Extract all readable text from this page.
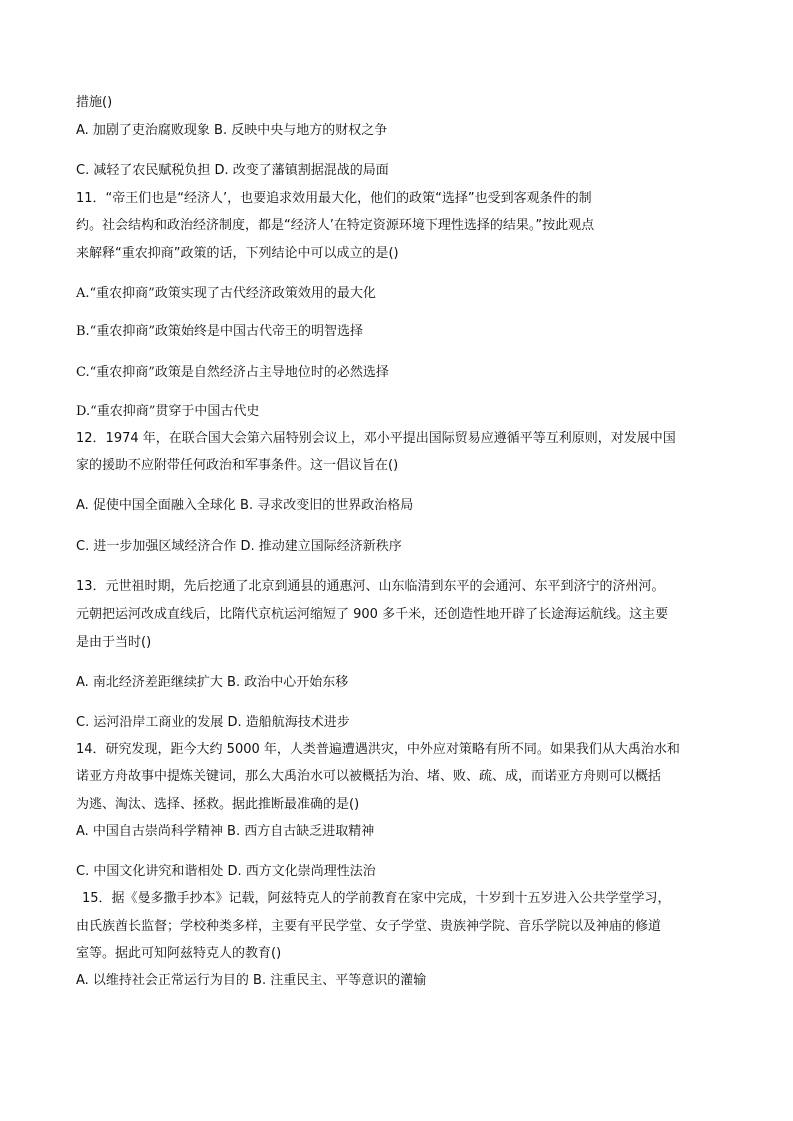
措施()
A. 加剧了吏治腐败现象 B. 反映中央与地方的财权之争
C. 减轻了农民赋税负担 D. 改变了藩镇割据混战的局面
11．“帝王们也是“经济人’，也要追求效用最大化，他们的政策“选择”也受到客观条件的制
约。社会结构和政治经济制度，都是“经济人’在特定资源环境下理性选择的结果。”按此观点
来解释“重农抑商”政策的话，下列结论中可以成立的是()
A.“重农抑商”政策实现了古代经济政策效用的最大化
B.“重农抑商”政策始终是中国古代帝王的明智选择
C.“重农抑商”政策是自然经济占主导地位时的必然选择
D.“重农抑商”贯穿于中国古代史
12．1974 年，在联合国大会第六届特别会议上，邓小平提出国际贸易应遵循平等互利原则，对发展中国
家的援助不应附带任何政治和军事条件。这一倡议旨在()
A. 促使中国全面融入全球化 B. 寻求改变旧的世界政治格局
C. 进一步加强区域经济合作 D. 推动建立国际经济新秩序
13．元世祖时期，先后挖通了北京到通县的通惠河、山东临清到东平的会通河、东平到济宁的济州河。
元朝把运河改成直线后，比隋代京杭运河缩短了 900 多千米，还创造性地开辟了长途海运航线。这主要
是由于当时()
A. 南北经济差距继续扩大 B. 政治中心开始东移
C. 运河沿岸工商业的发展 D. 造船航海技术进步
14．研究发现，距今大约 5000 年，人类普遍遭遇洪灾，中外应对策略有所不同。如果我们从大禹治水和
诺亚方舟故事中提炼关键词，那么大禹治水可以被概括为治、堵、败、疏、成，而诺亚方舟则可以概括
为逃、淘汰、选择、拯救。据此推断最准确的是()
A. 中国自古崇尚科学精神 B. 西方自古缺乏进取精神
C. 中国文化讲究和谐相处 D. 西方文化崇尚理性法治
15．据《曼多撒手抄本》记载，阿兹特克人的学前教育在家中完成，十岁到十五岁进入公共学堂学习，
由氏族酋长监督；学校种类多样，主要有平民学堂、女子学堂、贵族神学院、音乐学院以及神庙的修道
室等。据此可知阿兹特克人的教育()
A. 以维持社会正常运行为目的 B. 注重民主、平等意识的灌输
